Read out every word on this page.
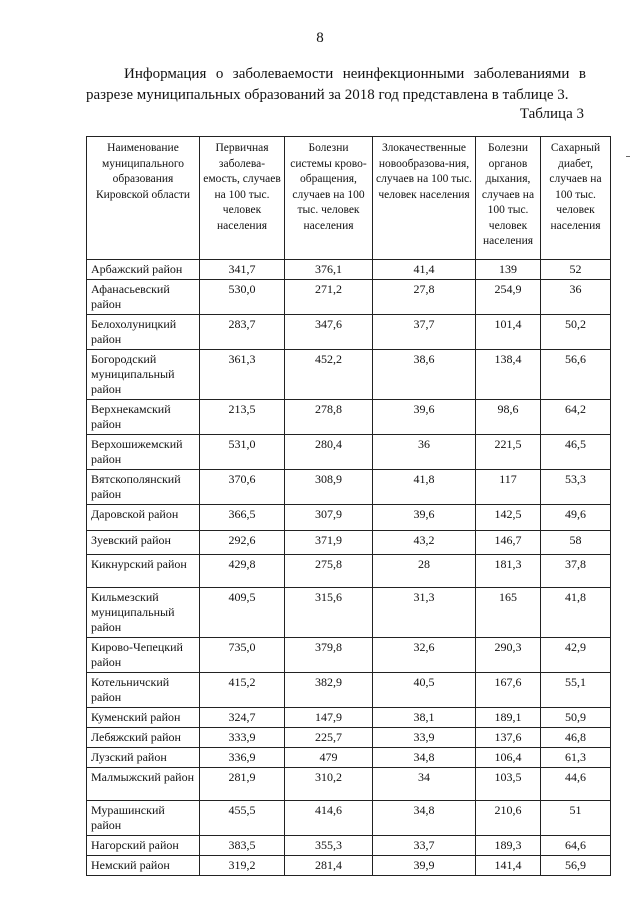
8
Информация о заболеваемости неинфекционными заболеваниями в разрезе муниципальных образований за 2018 год представлена в таблице 3.
Таблица 3
Наименование муниципального образования Кировской области	Первичная заболева-емость, случаев на 100 тыс. человек населения	Болезни системы крово-обращения, случаев на 100 тыс. человек населения	Злокачественные новообразова-ния, случаев на 100 тыс. человек населения	Болезни органов дыхания, случаев на 100 тыс. человек населения	Сахарный диабет, случаев на 100 тыс. человек населения
Арбажский район	341,7	376,1	41,4	139	52
Афанасьевский район	530,0	271,2	27,8	254,9	36
Белохолуницкий район	283,7	347,6	37,7	101,4	50,2
Богородский муниципальный район	361,3	452,2	38,6	138,4	56,6
Верхнекамский район	213,5	278,8	39,6	98,6	64,2
Верхошижемский район	531,0	280,4	36	221,5	46,5
Вятскополянский район	370,6	308,9	41,8	117	53,3
Даровской район	366,5	307,9	39,6	142,5	49,6
Зуевский район	292,6	371,9	43,2	146,7	58
Кикнурский район	429,8	275,8	28	181,3	37,8
Кильмезский муниципальный район	409,5	315,6	31,3	165	41,8
Кирово-Чепецкий район	735,0	379,8	32,6	290,3	42,9
Котельничский район	415,2	382,9	40,5	167,6	55,1
Куменский район	324,7	147,9	38,1	189,1	50,9
Лебяжский район	333,9	225,7	33,9	137,6	46,8
Лузский район	336,9	479	34,8	106,4	61,3
Малмыжский район	281,9	310,2	34	103,5	44,6
Мурашинский район	455,5	414,6	34,8	210,6	51
Нагорский район	383,5	355,3	33,7	189,3	64,6
Немский район	319,2	281,4	39,9	141,4	56,9
